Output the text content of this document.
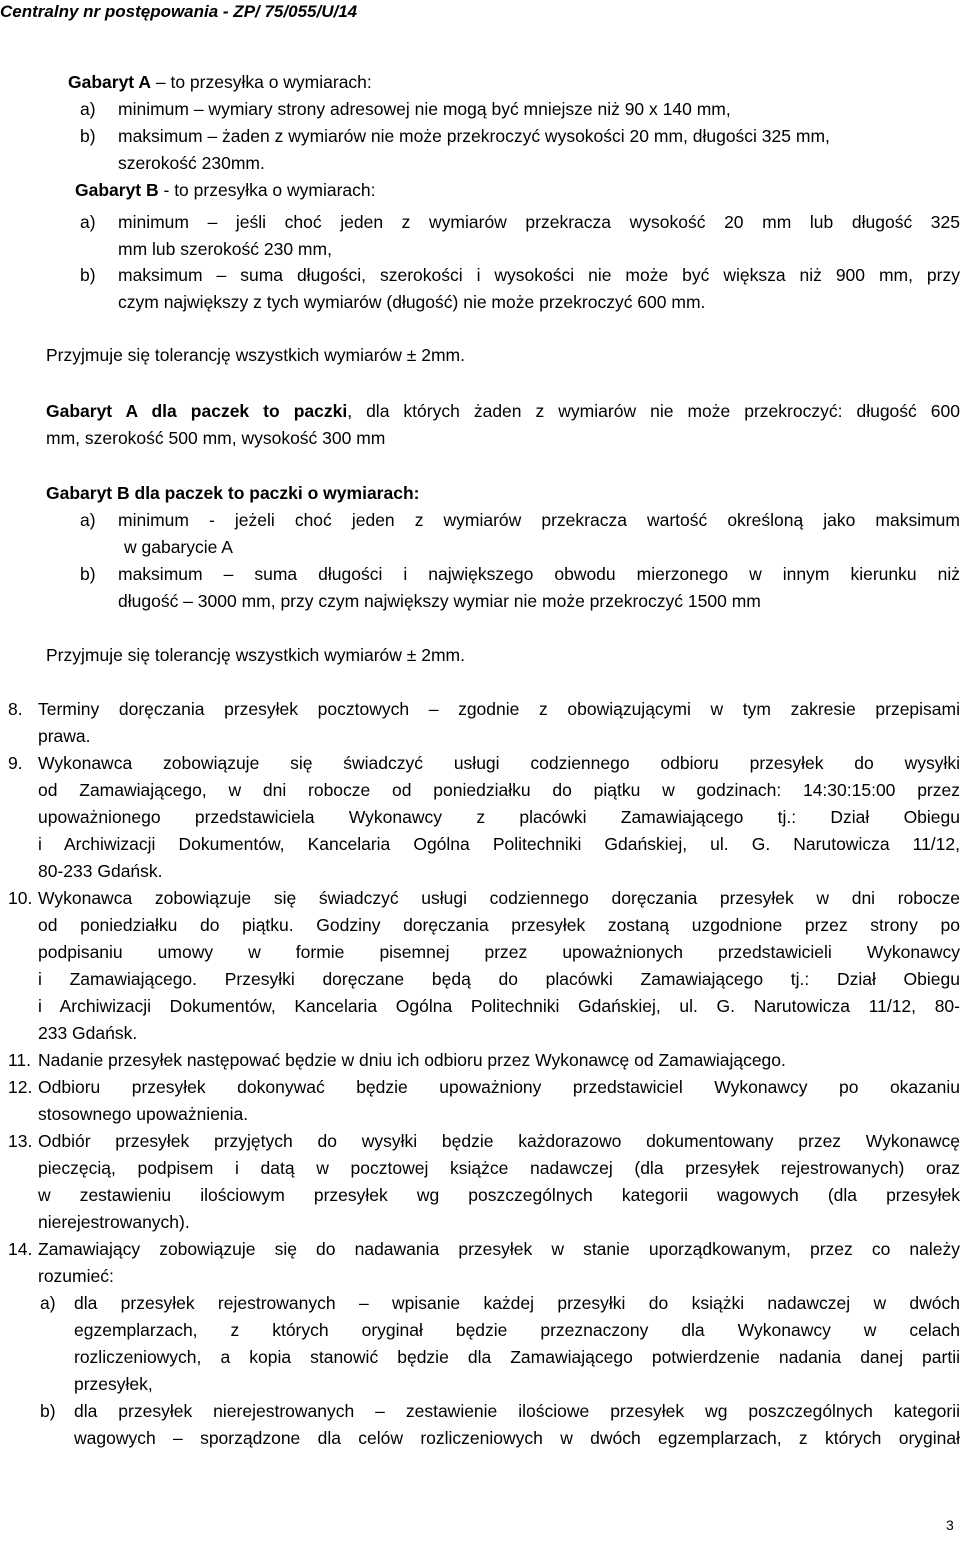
Centralny nr postępowania - ZP/ 75/055/U/14
Gabaryt A – to przesyłka o wymiarach:
a) minimum – wymiary strony adresowej nie mogą być mniejsze niż 90 x 140 mm,
b) maksimum – żaden z wymiarów nie może przekroczyć wysokości 20 mm, długości 325 mm,
szerokość 230mm.
Gabaryt B - to przesyłka o wymiarach:
a) minimum – jeśli choć jeden z wymiarów przekracza wysokość 20 mm lub długość 325
mm lub szerokość 230 mm,
b) maksimum – suma długości, szerokości i wysokości nie może być większa niż 900 mm, przy
czym największy z tych wymiarów (długość) nie może przekroczyć 600 mm.
Przyjmuje się tolerancję wszystkich wymiarów ± 2mm.
Gabaryt A dla paczek to paczki, dla których żaden z wymiarów nie może przekroczyć: długość 600
mm, szerokość 500 mm, wysokość 300 mm
Gabaryt B dla paczek to paczki o wymiarach:
a) minimum - jeżeli choć jeden z wymiarów przekracza wartość określoną jako maksimum
w gabarycie A
b) maksimum – suma długości i największego obwodu mierzonego w innym kierunku niż
długość – 3000 mm, przy czym największy wymiar nie może przekroczyć 1500 mm
Przyjmuje się tolerancję wszystkich wymiarów ± 2mm.
8. Terminy doręczania przesyłek pocztowych – zgodnie z obowiązującymi w tym zakresie przepisami
prawa.
9. Wykonawca zobowiązuje się świadczyć usługi codziennego odbioru przesyłek do wysyłki
od Zamawiającego, w dni robocze od poniedziałku do piątku w godzinach: 14:30:15:00 przez
upoważnionego przedstawiciela Wykonawcy z placówki Zamawiającego tj.: Dział Obiegu
i Archiwizacji Dokumentów, Kancelaria Ogólna Politechniki Gdańskiej, ul. G. Narutowicza 11/12,
80-233 Gdańsk.
10. Wykonawca zobowiązuje się świadczyć usługi codziennego doręczania przesyłek w dni robocze
od poniedziałku do piątku. Godziny doręczania przesyłek zostaną uzgodnione przez strony po
podpisaniu umowy w formie pisemnej przez upoważnionych przedstawicieli Wykonawcy
i Zamawiającego. Przesyłki doręczane będą do placówki Zamawiającego tj.: Dział Obiegu
i Archiwizacji Dokumentów, Kancelaria Ogólna Politechniki Gdańskiej, ul. G. Narutowicza 11/12, 80-
233 Gdańsk.
11. Nadanie przesyłek następować będzie w dniu ich odbioru przez Wykonawcę od Zamawiającego.
12. Odbioru przesyłek dokonywać będzie upoważniony przedstawiciel Wykonawcy po okazaniu
stosownego upoważnienia.
13. Odbiór przesyłek przyjętych do wysyłki będzie każdorazowo dokumentowany przez Wykonawcę
pieczęcią, podpisem i datą w pocztowej książce nadawczej (dla przesyłek rejestrowanych) oraz
w zestawieniu ilościowym przesyłek wg poszczególnych kategorii wagowych (dla przesyłek
nierejestrowanych).
14. Zamawiający zobowiązuje się do nadawania przesyłek w stanie uporządkowanym, przez co należy
rozumieć:
a) dla przesyłek rejestrowanych – wpisanie każdej przesyłki do książki nadawczej w dwóch
egzemplarzach, z których oryginał będzie przeznaczony dla Wykonawcy w celach
rozliczeniowych, a kopia stanowić będzie dla Zamawiającego potwierdzenie nadania danej partii
przesyłek,
b) dla przesyłek nierejestrowanych – zestawienie ilościowe przesyłek wg poszczególnych kategorii
wagowych – sporządzone dla celów rozliczeniowych w dwóch egzemplarzach, z których oryginał
3
